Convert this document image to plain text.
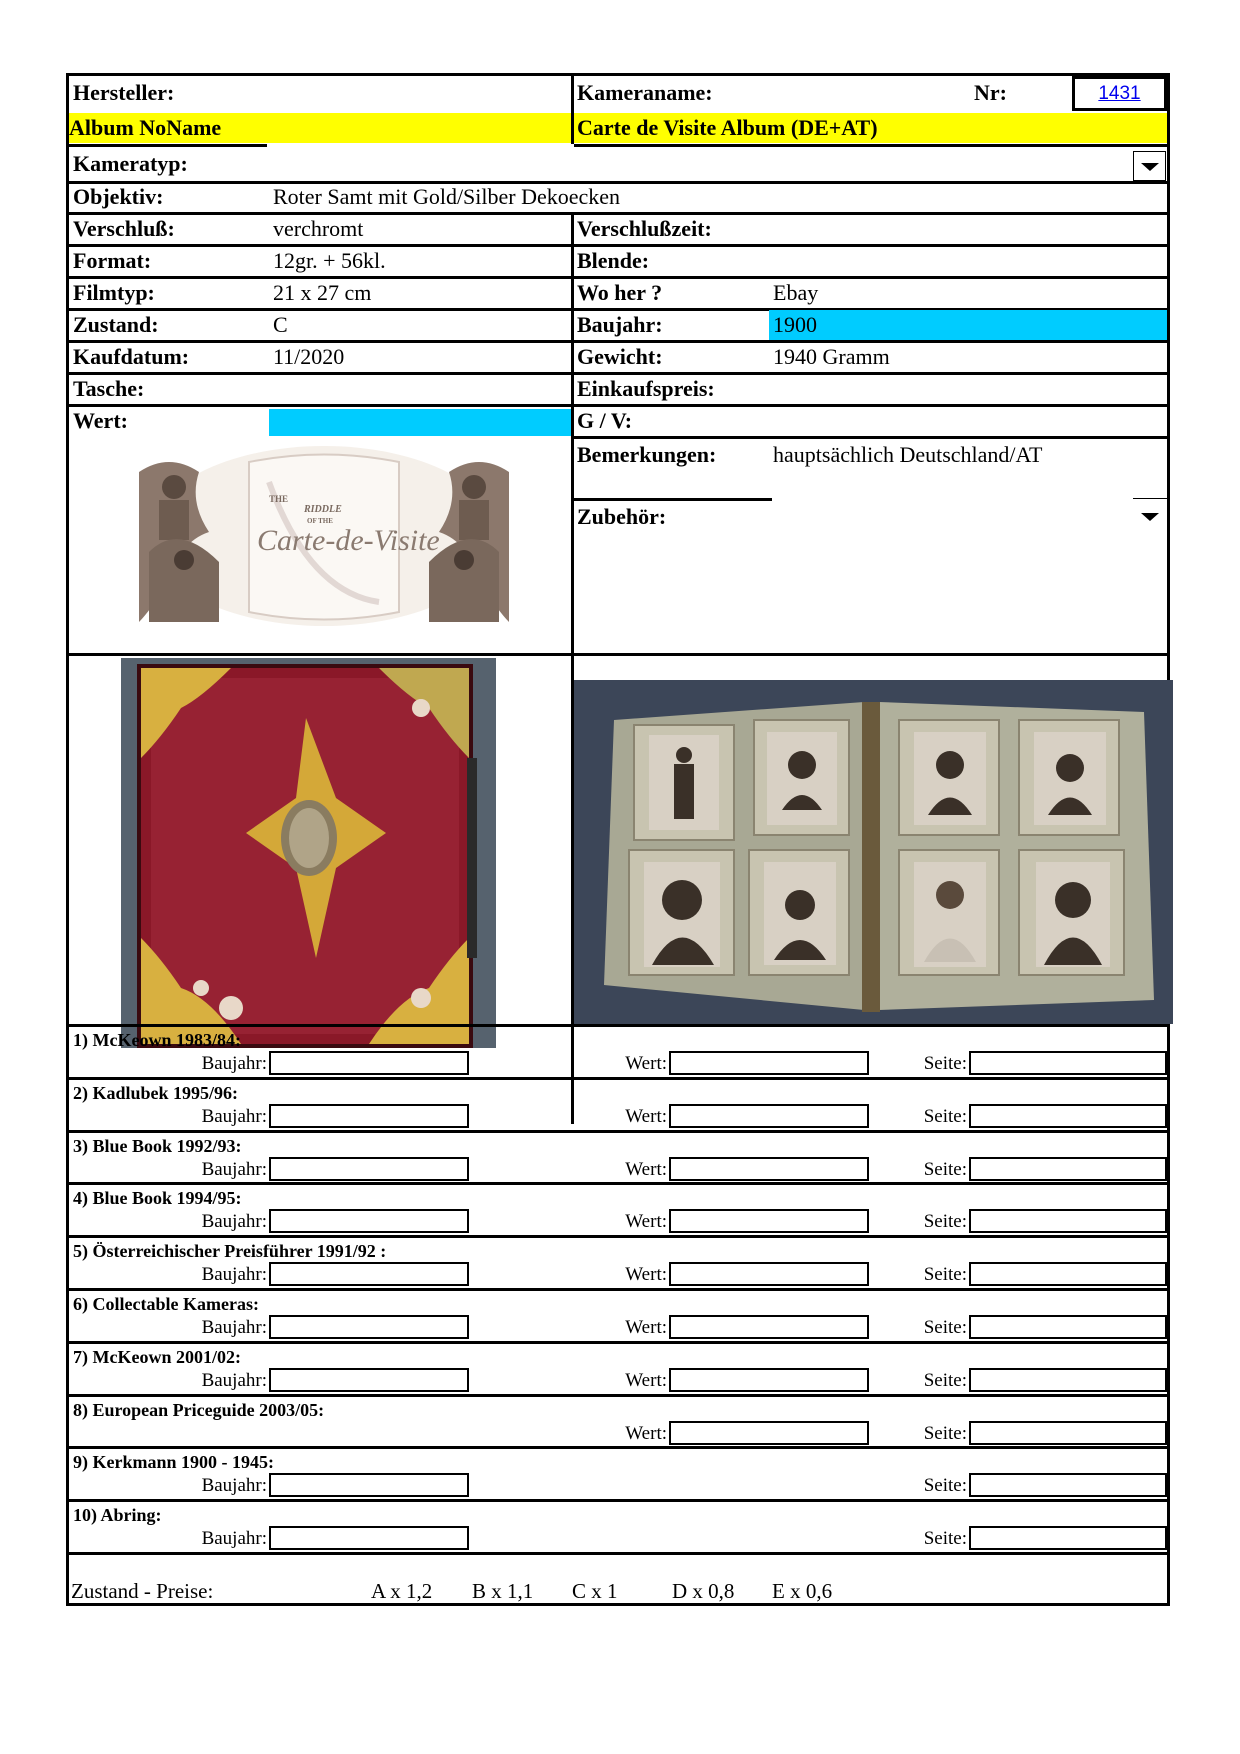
Hersteller:	Kameraname:	Nr:	1431
Album NoName	Carte de Visite Album (DE+AT)
Kameratyp:
Objektiv:	Roter Samt mit Gold/Silber Dekoecken
Verschluß:	verchromt	Verschlußzeit:
Format:	12gr. + 56kl.	Blende:
Filmtyp:	21 x 27 cm	Wo her ?	Ebay
Zustand:	C	Baujahr:	1900
Kaufdatum:	11/2020	Gewicht:	1940 Gramm
Tasche:	Einkaufspreis:
Wert:	G / V:
Bemerkungen:	hauptsächlich Deutschland/AT
Zubehör:
THE
RIDDLE
OF THE
Carte-de-Visite
1) McKeown 1983/84:
Baujahr:	Wert:	Seite:
2) Kadlubek 1995/96:
Baujahr:	Wert:	Seite:
3) Blue Book 1992/93:
Baujahr:	Wert:	Seite:
4) Blue Book 1994/95:
Baujahr:	Wert:	Seite:
5) Österreichischer Preisführer 1991/92 :
Baujahr:	Wert:	Seite:
6) Collectable Kameras:
Baujahr:	Wert:	Seite:
7) McKeown 2001/02:
Baujahr:	Wert:	Seite:
8) European Priceguide 2003/05:
Wert:	Seite:
9) Kerkmann 1900 - 1945:
Baujahr:	Seite:
10) Abring:
Baujahr:	Seite:
Zustand - Preise:	A x 1,2 B x 1,1 C x 1	D x 0,8 E x 0,6
